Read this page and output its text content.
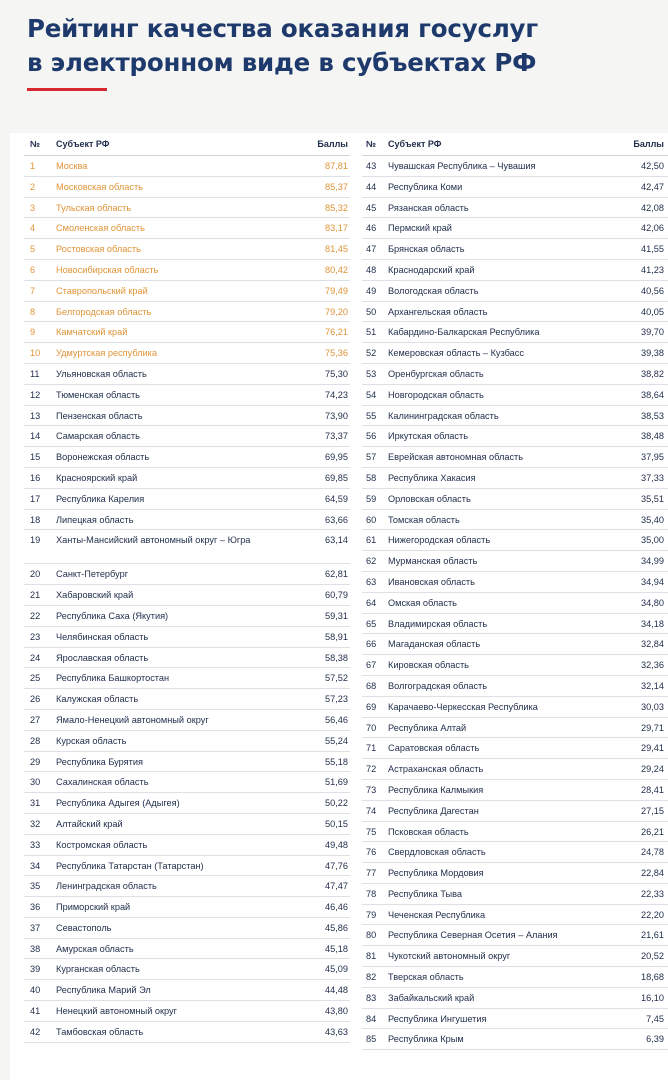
Рейтинг качества оказания госуслуг
в электронном виде в субъектах РФ
№	Субъект РФ	Баллы
1	Москва	87,81
2	Московская область	85,37
3	Тульская область	85,32
4	Смоленская область	83,17
5	Ростовская область	81,45
6	Новосибирская область	80,42
7	Ставропольский край	79,49
8	Белгородская область	79,20
9	Камчатский край	76,21
10	Удмуртская республика	75,36
11	Ульяновская область	75,30
12	Тюменская область	74,23
13	Пензенская область	73,90
14	Самарская область	73,37
15	Воронежская область	69,95
16	Красноярский край	69,85
17	Республика Карелия	64,59
18	Липецкая область	63,66
19	Ханты-Мансийский автономный округ – Югра	63,14
20	Санкт-Петербург	62,81
21	Хабаровский край	60,79
22	Республика Саха (Якутия)	59,31
23	Челябинская область	58,91
24	Ярославская область	58,38
25	Республика Башкортостан	57,52
26	Калужская область	57,23
27	Ямало-Ненецкий автономный округ	56,46
28	Курская область	55,24
29	Республика Бурятия	55,18
30	Сахалинская область	51,69
31	Республика Адыгея (Адыгея)	50,22
32	Алтайский край	50,15
33	Костромская область	49,48
34	Республика Татарстан (Татарстан)	47,76
35	Ленинградская область	47,47
36	Приморский край	46,46
37	Севастополь	45,86
38	Амурская область	45,18
39	Курганская область	45,09
40	Республика Марий Эл	44,48
41	Ненецкий автономный округ	43,80
42	Тамбовская область	43,63
№	Субъект РФ	Баллы
43	Чувашская Республика – Чувашия	42,50
44	Республика Коми	42,47
45	Рязанская область	42,08
46	Пермский край	42,06
47	Брянская область	41,55
48	Краснодарский край	41,23
49	Вологодская область	40,56
50	Архангельская область	40,05
51	Кабардино-Балкарская Республика	39,70
52	Кемеровская область – Кузбасс	39,38
53	Оренбургская область	38,82
54	Новгородская область	38,64
55	Калининградская область	38,53
56	Иркутская область	38,48
57	Еврейская автономная область	37,95
58	Республика Хакасия	37,33
59	Орловская область	35,51
60	Томская область	35,40
61	Нижегородская область	35,00
62	Мурманская область	34,99
63	Ивановская область	34,94
64	Омская область	34,80
65	Владимирская область	34,18
66	Магаданская область	32,84
67	Кировская область	32,36
68	Волгоградская область	32,14
69	Карачаево-Черкесская Республика	30,03
70	Республика Алтай	29,71
71	Саратовская область	29,41
72	Астраханская область	29,24
73	Республика Калмыкия	28,41
74	Республика Дагестан	27,15
75	Псковская область	26,21
76	Свердловская область	24,78
77	Республика Мордовия	22,84
78	Республика Тыва	22,33
79	Чеченская Республика	22,20
80	Республика Северная Осетия – Алания	21,61
81	Чукотский автономный округ	20,52
82	Тверская область	18,68
83	Забайкальский край	16,10
84	Республика Ингушетия	7,45
85	Республика Крым	6,39
